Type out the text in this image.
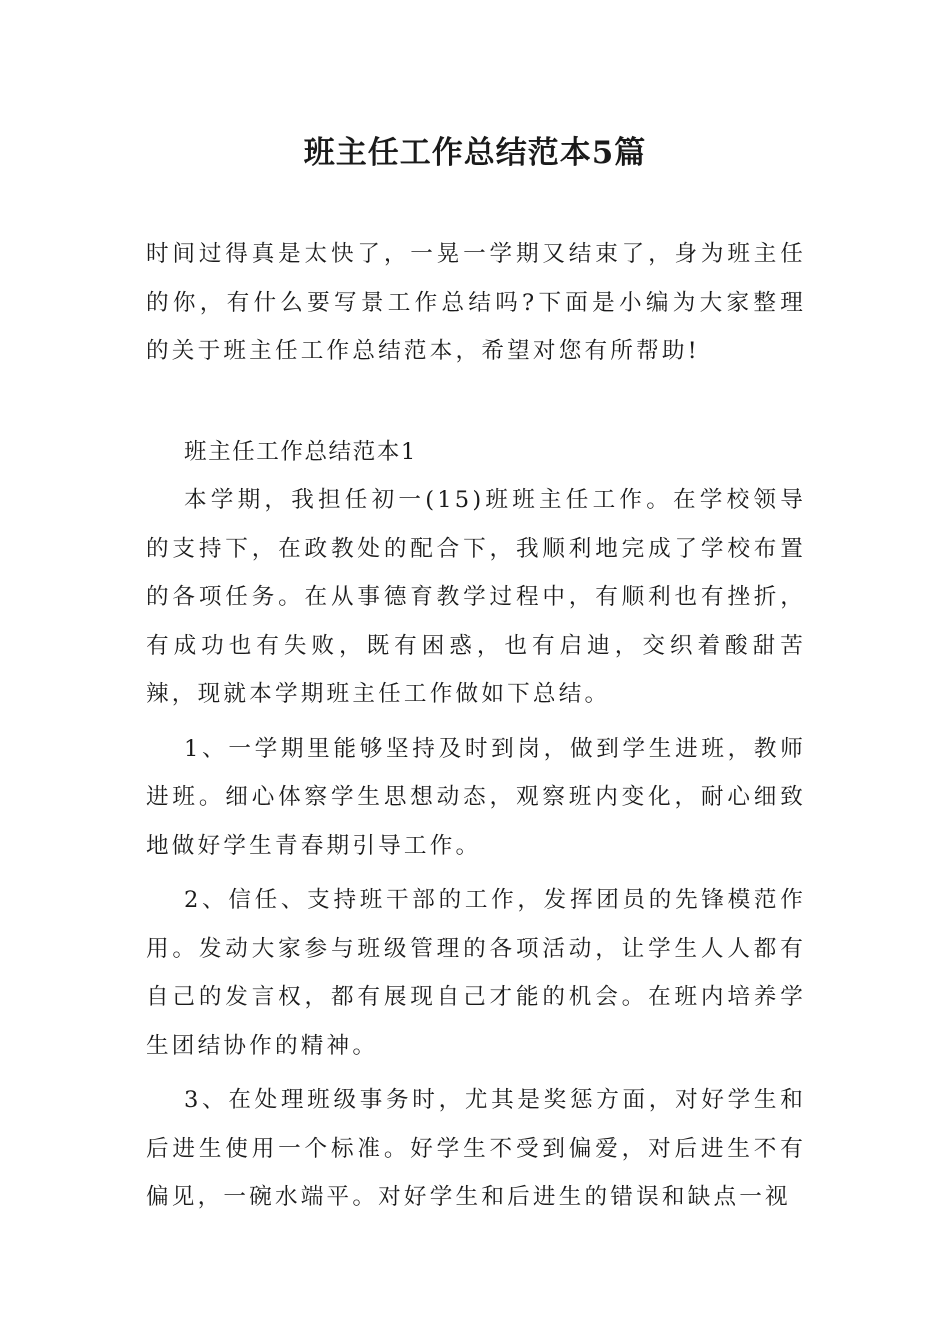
班主任工作总结范本5篇

时间过得真是太快了，一晃一学期又结束了，身为班主任的你，有什么要写景工作总结吗?下面是小编为大家整理的关于班主任工作总结范本，希望对您有所帮助!

班主任工作总结范本1

本学期，我担任初一(15)班班主任工作。在学校领导的支持下，在政教处的配合下，我顺利地完成了学校布置的各项任务。在从事德育教学过程中，有顺利也有挫折，有成功也有失败，既有困惑，也有启迪，交织着酸甜苦辣，现就本学期班主任工作做如下总结。

1、一学期里能够坚持及时到岗，做到学生进班，教师进班。细心体察学生思想动态，观察班内变化，耐心细致地做好学生青春期引导工作。

2、信任、支持班干部的工作，发挥团员的先锋模范作用。发动大家参与班级管理的各项活动，让学生人人都有自己的发言权，都有展现自己才能的机会。在班内培养学生团结协作的精神。

3、在处理班级事务时，尤其是奖惩方面，对好学生和后进生使用一个标准。好学生不受到偏爱，对后进生不有偏见，一碗水端平。对好学生和后进生的错误和缺点一视
